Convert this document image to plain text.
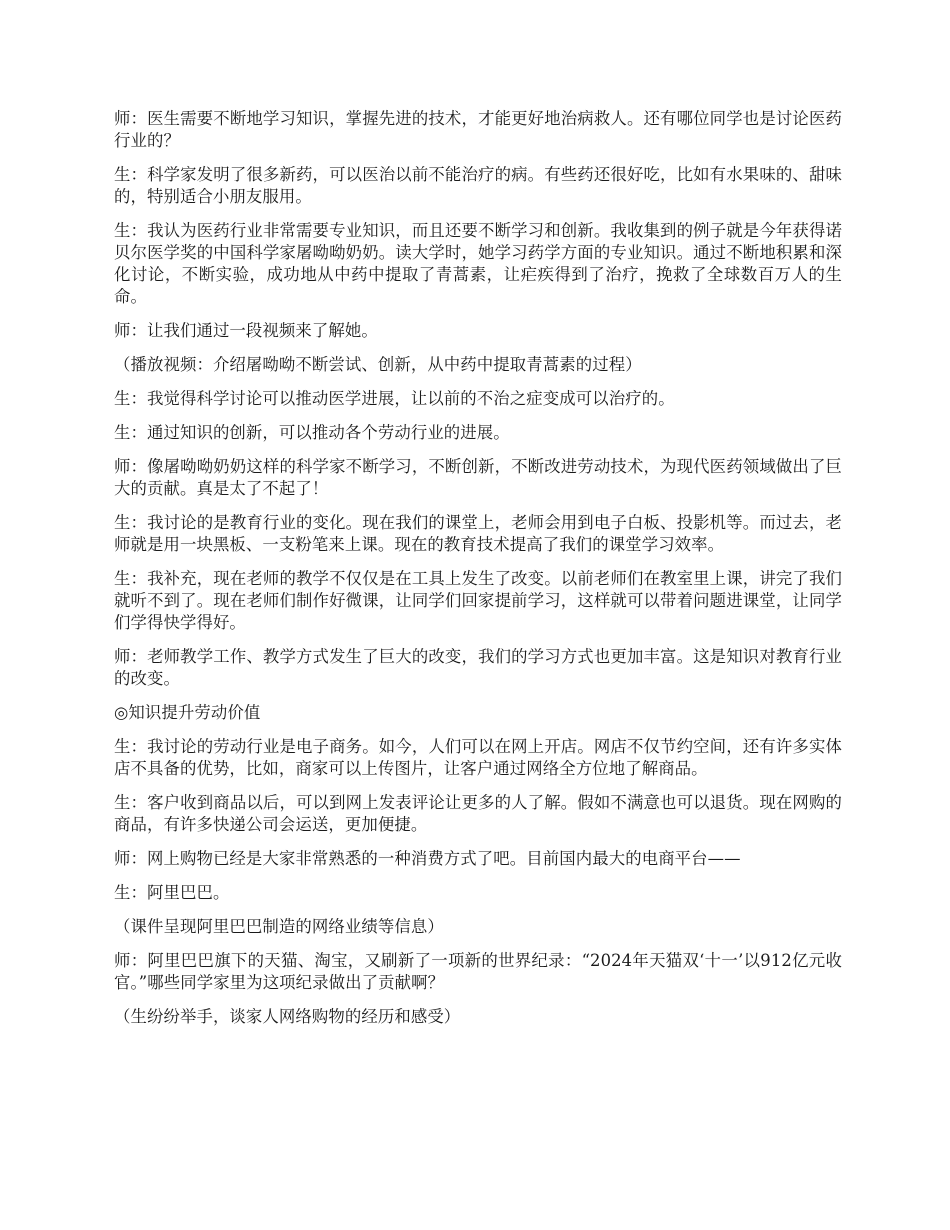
师：医生需要不断地学习知识，掌握先进的技术，才能更好地治病救人。还有哪位同学也是讨论医药行业的？

生：科学家发明了很多新药，可以医治以前不能治疗的病。有些药还很好吃，比如有水果味的、甜味的，特别适合小朋友服用。

生：我认为医药行业非常需要专业知识，而且还要不断学习和创新。我收集到的例子就是今年获得诺贝尔医学奖的中国科学家屠呦呦奶奶。读大学时，她学习药学方面的专业知识。通过不断地积累和深化讨论，不断实验，成功地从中药中提取了青蒿素，让疟疾得到了治疗，挽救了全球数百万人的生命。

师：让我们通过一段视频来了解她。

（播放视频：介绍屠呦呦不断尝试、创新，从中药中提取青蒿素的过程）

生：我觉得科学讨论可以推动医学进展，让以前的不治之症变成可以治疗的。

生：通过知识的创新，可以推动各个劳动行业的进展。

师：像屠呦呦奶奶这样的科学家不断学习，不断创新，不断改进劳动技术，为现代医药领域做出了巨大的贡献。真是太了不起了！

生：我讨论的是教育行业的变化。现在我们的课堂上，老师会用到电子白板、投影机等。而过去，老师就是用一块黑板、一支粉笔来上课。现在的教育技术提高了我们的课堂学习效率。

生：我补充，现在老师的教学不仅仅是在工具上发生了改变。以前老师们在教室里上课，讲完了我们就听不到了。现在老师们制作好微课，让同学们回家提前学习，这样就可以带着问题进课堂，让同学们学得快学得好。

师：老师教学工作、教学方式发生了巨大的改变，我们的学习方式也更加丰富。这是知识对教育行业的改变。

◎知识提升劳动价值

生：我讨论的劳动行业是电子商务。如今，人们可以在网上开店。网店不仅节约空间，还有许多实体店不具备的优势，比如，商家可以上传图片，让客户通过网络全方位地了解商品。

生：客户收到商品以后，可以到网上发表评论让更多的人了解。假如不满意也可以退货。现在网购的商品，有许多快递公司会运送，更加便捷。

师：网上购物已经是大家非常熟悉的一种消费方式了吧。目前国内最大的电商平台——

生：阿里巴巴。

（课件呈现阿里巴巴制造的网络业绩等信息）

师：阿里巴巴旗下的天猫、淘宝，又刷新了一项新的世界纪录：“2024年天猫双‘十一’以912亿元收官。”哪些同学家里为这项纪录做出了贡献啊？

（生纷纷举手，谈家人网络购物的经历和感受）
